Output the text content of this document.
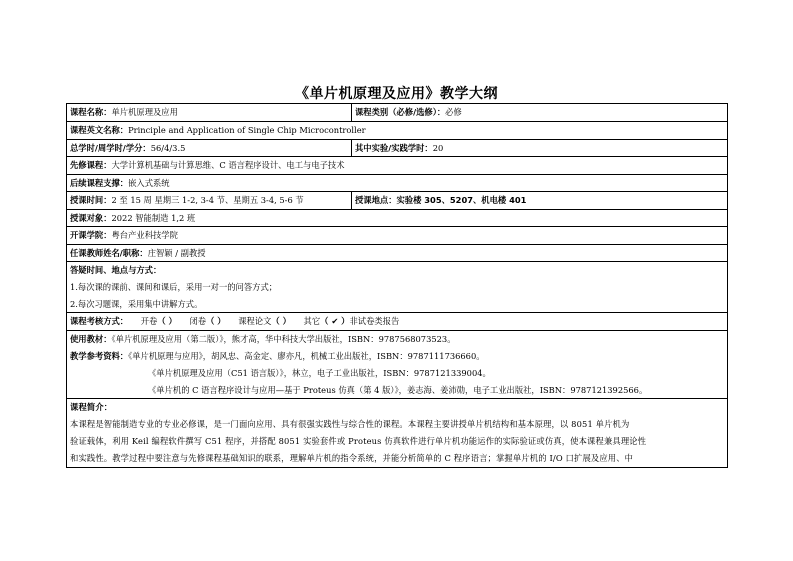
《单片机原理及应用》教学大纲
课程名称：单片机原理及应用	课程类别（必修/选修）：必修
课程英文名称：Principle and Application of Single Chip Microcontroller
总学时/周学时/学分：56/4/3.5	其中实验/实践学时：20
先修课程：大学计算机基础与计算思维、C 语言程序设计、电工与电子技术
后续课程支撑：嵌入式系统
授课时间：2 至 15 周 星期三 1-2, 3-4 节、星期五 3-4, 5-6 节	授课地点：实验楼 305、5207、机电楼 401
授课对象：2022 智能制造 1,2 班
开课学院：粤台产业科技学院
任课教师姓名/职称：庄智颖 / 副教授
答疑时间、地点与方式：
1.每次课的课前、课间和课后，采用一对一的问答方式；
2.每次习题课，采用集中讲解方式。
课程考核方式： 开卷（ ） 闭卷（ ） 课程论文（ ） 其它（ ✔ ）非试卷类报告
使用教材：《单片机原理及应用（第二版）》，熊才高，华中科技大学出版社，ISBN：9787568073523。
教学参考资料：《单片机原理与应用》，胡风忠、高金定、廖亦凡，机械工业出版社，ISBN：9787111736660。
《单片机原理及应用（C51 语言版）》，林立，电子工业出版社，ISBN：9787121339004。
《单片机的 C 语言程序设计与应用—基于 Proteus 仿真（第 4 版）》，姜志海、姜沛勋，电子工业出版社，ISBN：9787121392566。
课程简介：
本课程是智能制造专业的专业必修课，是一门面向应用、具有很强实践性与综合性的课程。本课程主要讲授单片机结构和基本原理，以 8051 单片机为
验证载体，利用 Keil 编程软件撰写 C51 程序，并搭配 8051 实验套件或 Proteus 仿真软件进行单片机功能运作的实际验证或仿真，使本课程兼具理论性
和实践性。教学过程中要注意与先修课程基础知识的联系，理解单片机的指令系统，并能分析简单的 C 程序语言；掌握单片机的 I/O 口扩展及应用、中
